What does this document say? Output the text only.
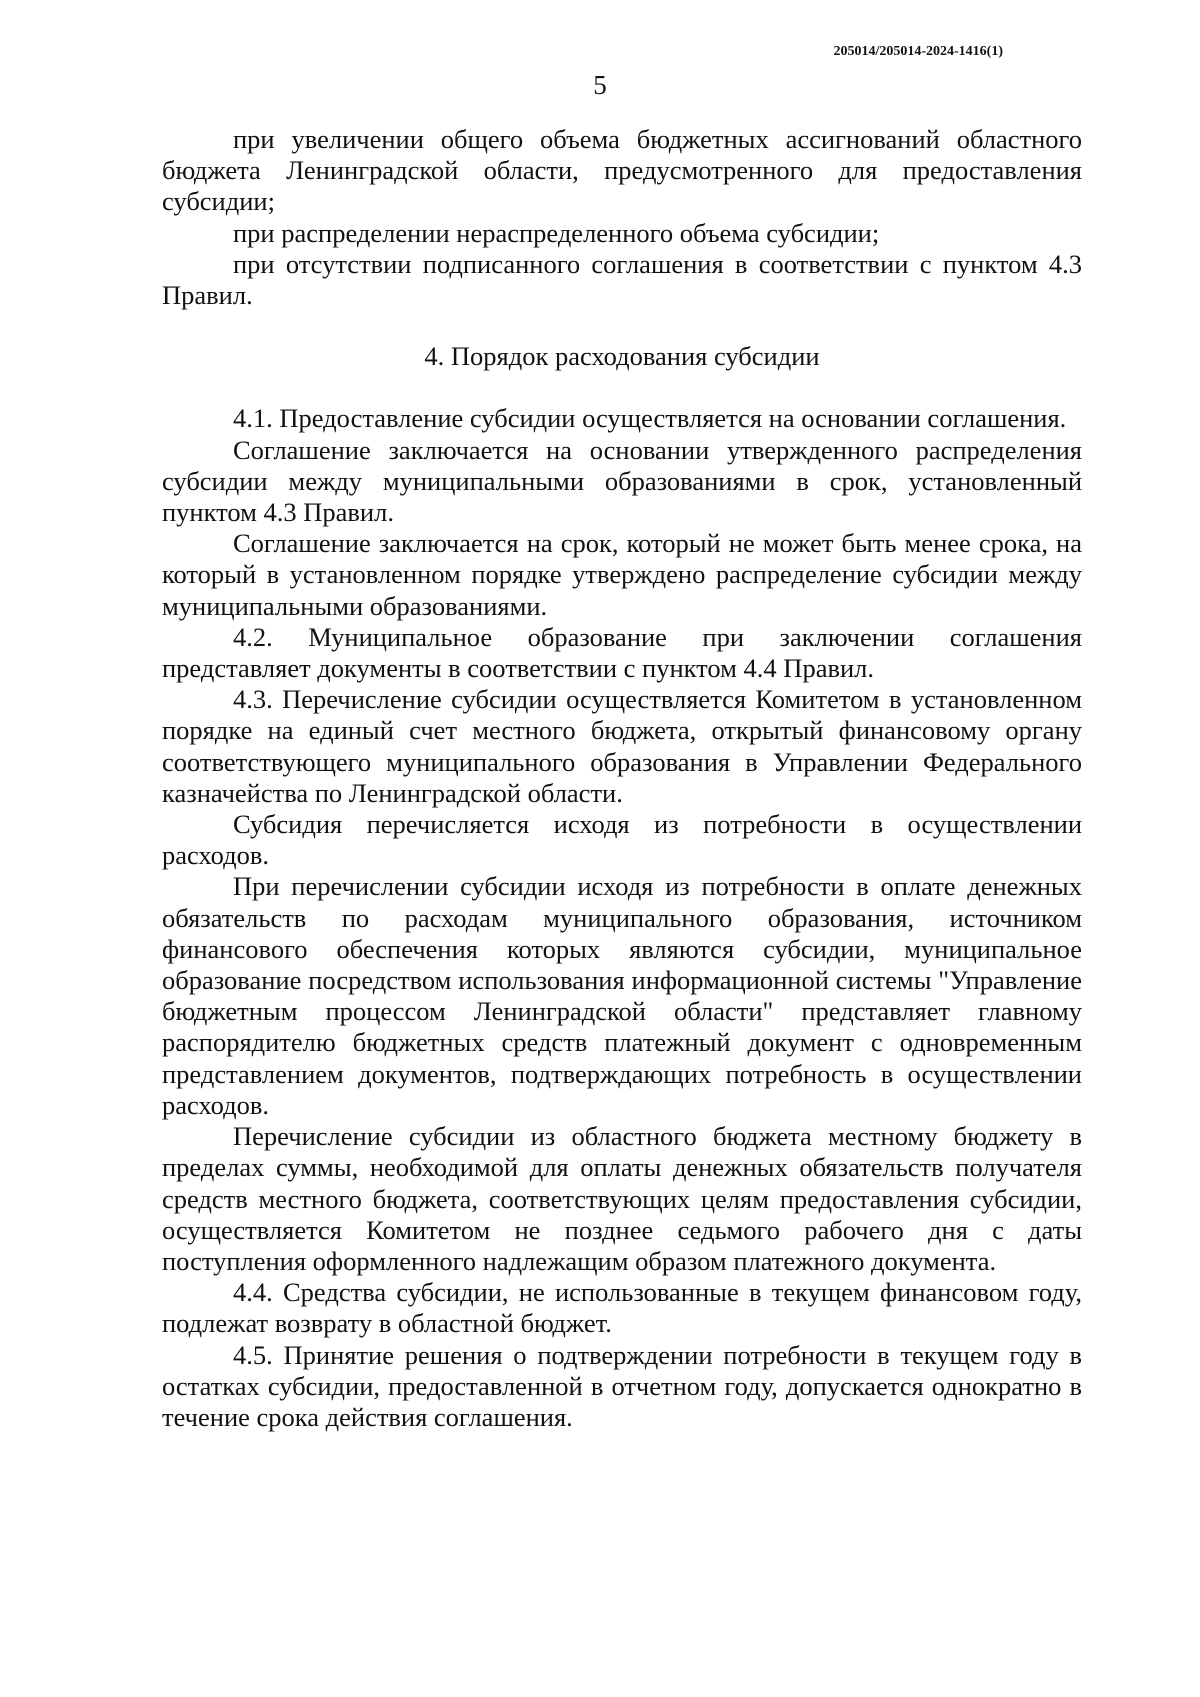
205014/205014-2024-1416(1)
5

при увеличении общего объема бюджетных ассигнований областного бюджета Ленинградской области, предусмотренного для предоставления субсидии;

при распределении нераспределенного объема субсидии;

при отсутствии подписанного соглашения в соответствии с пунктом 4.3 Правил.

4. Порядок расходования субсидии

4.1. Предоставление субсидии осуществляется на основании соглашения.

Соглашение заключается на основании утвержденного распределения субсидии между муниципальными образованиями в срок, установленный пунктом 4.3 Правил.

Соглашение заключается на срок, который не может быть менее срока, на который в установленном порядке утверждено распределение субсидии между муниципальными образованиями.

4.2. Муниципальное образование при заключении соглашения представляет документы в соответствии с пунктом 4.4 Правил.

4.3. Перечисление субсидии осуществляется Комитетом в установленном порядке на единый счет местного бюджета, открытый финансовому органу соответствующего муниципального образования в Управлении Федерального казначейства по Ленинградской области.

Субсидия перечисляется исходя из потребности в осуществлении расходов.

При перечислении субсидии исходя из потребности в оплате денежных обязательств по расходам муниципального образования, источником финансового обеспечения которых являются субсидии, муниципальное образование посредством использования информационной системы "Управление бюджетным процессом Ленинградской области" представляет главному распорядителю бюджетных средств платежный документ с одновременным представлением документов, подтверждающих потребность в осуществлении расходов.

Перечисление субсидии из областного бюджета местному бюджету в пределах суммы, необходимой для оплаты денежных обязательств получателя средств местного бюджета, соответствующих целям предоставления субсидии, осуществляется Комитетом не позднее седьмого рабочего дня с даты поступления оформленного надлежащим образом платежного документа.

4.4. Средства субсидии, не использованные в текущем финансовом году, подлежат возврату в областной бюджет.

4.5. Принятие решения о подтверждении потребности в текущем году в остатках субсидии, предоставленной в отчетном году, допускается однократно в течение срока действия соглашения.
